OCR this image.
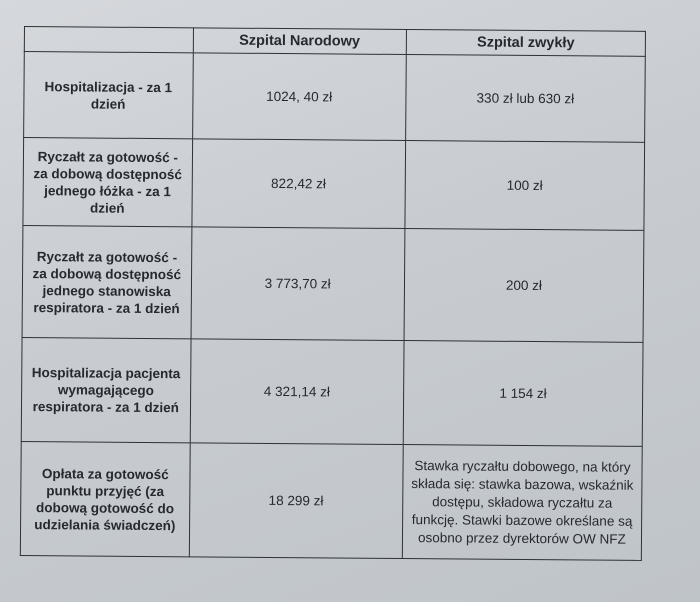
	Szpital Narodowy	Szpital zwykły
Hospitalizacja - za 1 dzień	1024, 40 zł	330 zł lub 630 zł
Ryczałt za gotowość - za dobową dostępność jednego łóżka - za 1 dzień	822,42 zł	100 zł
Ryczałt za gotowość - za dobową dostępność jednego stanowiska respiratora - za 1 dzień	3 773,70 zł	200 zł
Hospitalizacja pacjenta wymagającego respiratora - za 1 dzień	4 321,14 zł	1 154 zł
Opłata za gotowość punktu przyjęć (za dobową gotowość do udzielania świadczeń)	18 299 zł	Stawka ryczałtu dobowego, na który składa się: stawka bazowa, wskaźnik dostępu, składowa ryczałtu za funkcję. Stawki bazowe określane są osobno przez dyrektorów OW NFZ
